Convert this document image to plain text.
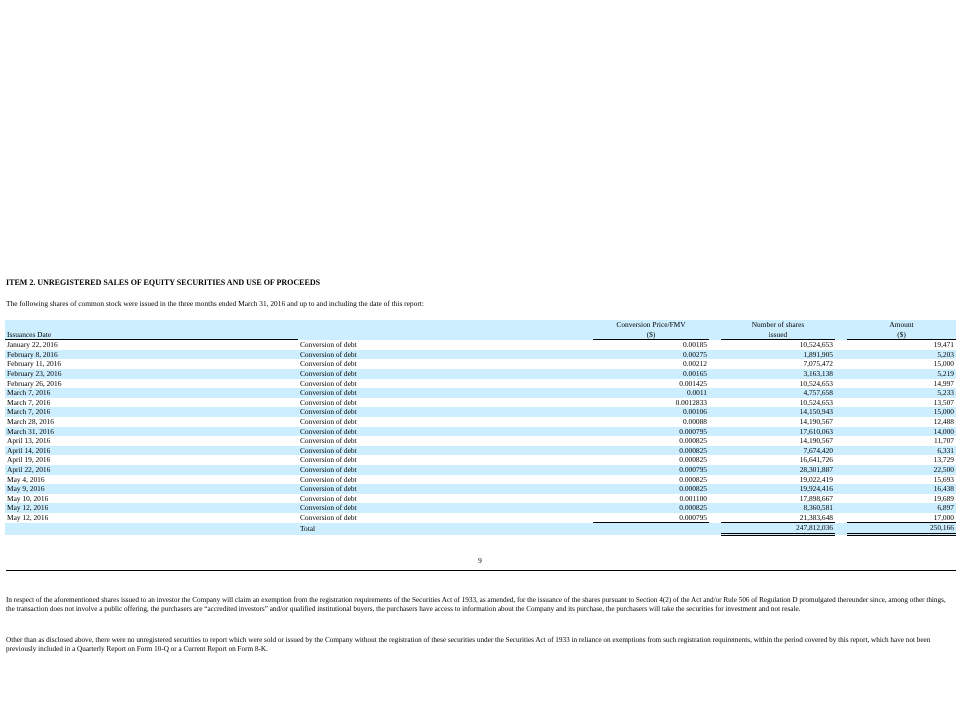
ITEM 2. UNREGISTERED SALES OF EQUITY SECURITIES AND USE OF PROCEEDS
The following shares of common stock were issued in the three months ended March 31, 2016 and up to and including the date of this report:
		Conversion Price/FMV		Number of shares		Amount
Issuances Date		($)		issued		($)
January 22, 2016	Conversion of debt	0.00185		10,524,653		19,471
February 8, 2016	Conversion of debt	0.00275		1,891,905		5,203
February 11, 2016	Conversion of debt	0.00212		7,075,472		15,000
February 23, 2016	Conversion of debt	0.00165		3,163,138		5,219
February 26, 2016	Conversion of debt	0.001425		10,524,653		14,997
March 7, 2016	Conversion of debt	0.0011		4,757,658		5,233
March 7, 2016	Conversion of debt	0.0012833		10,524,653		13,507
March 7, 2016	Conversion of debt	0.00106		14,150,943		15,000
March 28, 2016	Conversion of debt	0.00088		14,190,567		12,488
March 31, 2016	Conversion of debt	0.000795		17,610,063		14,000
April 13, 2016	Conversion of debt	0.000825		14,190,567		11,707
April 14, 2016	Conversion of debt	0.000825		7,674,420		6,331
April 19, 2016	Conversion of debt	0.000825		16,641,726		13,729
April 22, 2016	Conversion of debt	0.000795		28,301,887		22,500
May 4, 2016	Conversion of debt	0.000825		19,022,419		15,693
May 9, 2016	Conversion of debt	0.000825		19,924,416		16,438
May 10, 2016	Conversion of debt	0.001100		17,898,667		19,689
May 12, 2016	Conversion of debt	0.000825		8,360,581		6,897
May 12, 2016	Conversion of debt	0.000795		21,383,648		17,000
	Total			247,812,036		250,166
9
In respect of the aforementioned shares issued to an investor the Company will claim an exemption from the registration requirements of the Securities Act of 1933, as amended, for the issuance of the shares pursuant to Section 4(2) of the Act and/or Rule 506 of Regulation D promulgated thereunder since, among other things, the transaction does not involve a public offering, the purchasers are “accredited investors” and/or qualified institutional buyers, the purchasers have access to information about the Company and its purchase, the purchasers will take the securities for investment and not resale.
Other than as disclosed above, there were no unregistered securities to report which were sold or issued by the Company without the registration of these securities under the Securities Act of 1933 in reliance on exemptions from such registration requirements, within the period covered by this report, which have not been previously included in a Quarterly Report on Form 10-Q or a Current Report on Form 8-K.
